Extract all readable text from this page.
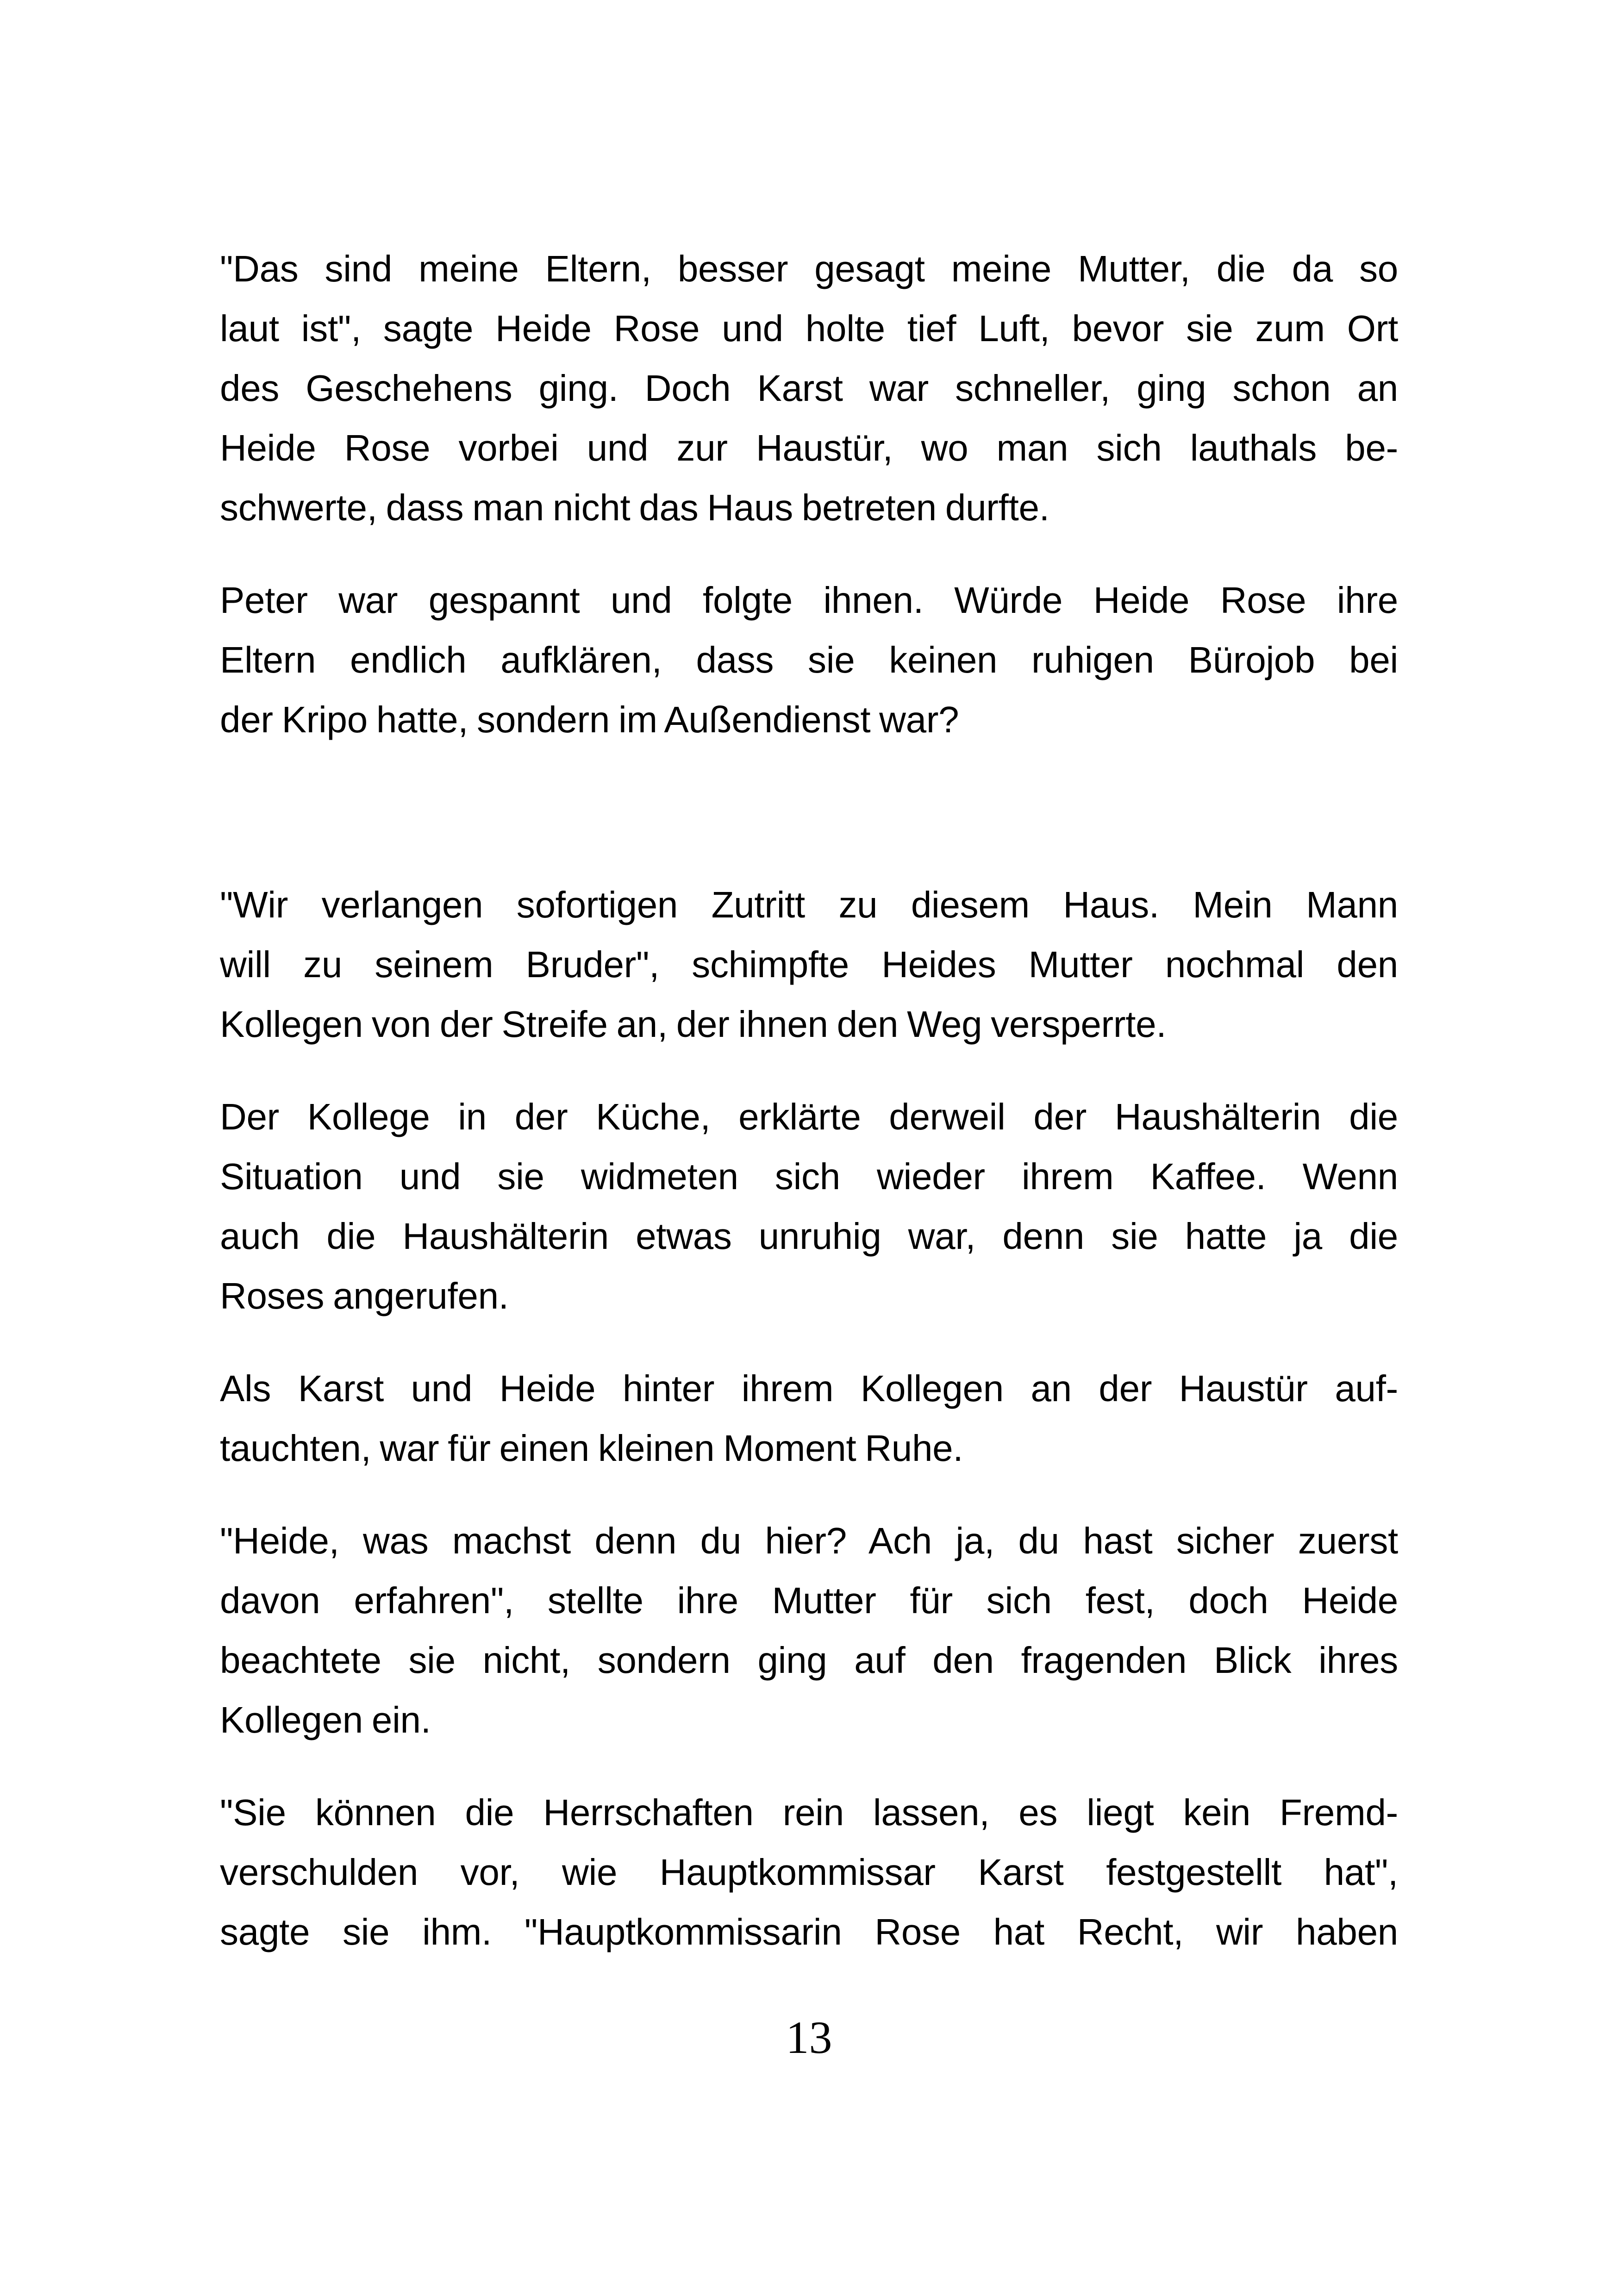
"Das sind meine Eltern, besser gesagt meine Mutter, die da so
laut ist", sagte Heide Rose und holte tief Luft, bevor sie zum Ort
des Geschehens ging. Doch Karst war schneller, ging schon an
Heide Rose vorbei und zur Haustür, wo man sich lauthals be-
schwerte, dass man nicht das Haus betreten durfte.
Peter war gespannt und folgte ihnen. Würde Heide Rose ihre
Eltern endlich aufklären, dass sie keinen ruhigen Bürojob bei
der Kripo hatte, sondern im Außendienst war?
"Wir verlangen sofortigen Zutritt zu diesem Haus. Mein Mann
will zu seinem Bruder", schimpfte Heides Mutter nochmal den
Kollegen von der Streife an, der ihnen den Weg versperrte.
Der Kollege in der Küche, erklärte derweil der Haushälterin die
Situation und sie widmeten sich wieder ihrem Kaffee. Wenn
auch die Haushälterin etwas unruhig war, denn sie hatte ja die
Roses angerufen.
Als Karst und Heide hinter ihrem Kollegen an der Haustür auf-
tauchten, war für einen kleinen Moment Ruhe.
"Heide, was machst denn du hier? Ach ja, du hast sicher zuerst
davon erfahren", stellte ihre Mutter für sich fest, doch Heide
beachtete sie nicht, sondern ging auf den fragenden Blick ihres
Kollegen ein.
"Sie können die Herrschaften rein lassen, es liegt kein Fremd-
verschulden vor, wie Hauptkommissar Karst festgestellt hat",
sagte sie ihm. "Hauptkommissarin Rose hat Recht, wir haben
13
